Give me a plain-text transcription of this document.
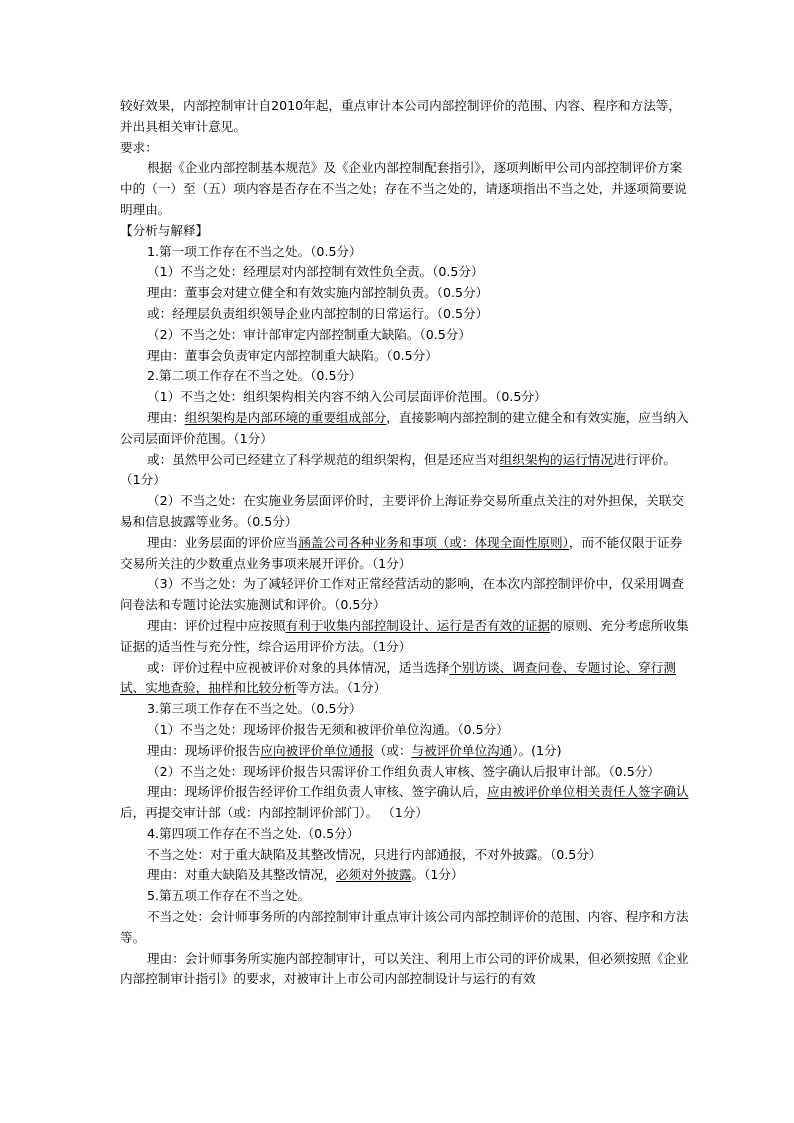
较好效果，内部控制审计自2010年起，重点审计本公司内部控制评价的范围、内容、程序和方法等，并出具相关审计意见。

要求：

根据《企业内部控制基本规范》及《企业内部控制配套指引》，逐项判断甲公司内部控制评价方案中的（一）至（五）项内容是否存在不当之处；存在不当之处的，请逐项指出不当之处，并逐项简要说明理由。

【分析与解释】

1.第一项工作存在不当之处。（0.5分）

（1）不当之处：经理层对内部控制有效性负全责。（0.5分）

理由：董事会对建立健全和有效实施内部控制负责。（0.5分）

或：经理层负责组织领导企业内部控制的日常运行。（0.5分）

（2）不当之处：审计部审定内部控制重大缺陷。（0.5分）

理由：董事会负责审定内部控制重大缺陷。（0.5分）

2.第二项工作存在不当之处。（0.5分）

（1）不当之处：组织架构相关内容不纳入公司层面评价范围。（0.5分）

理由：组织架构是内部环境的重要组成部分，直接影响内部控制的建立健全和有效实施，应当纳入公司层面评价范围。（1分）

或：虽然甲公司已经建立了科学规范的组织架构，但是还应当对组织架构的运行情况进行评价。（1分）

（2）不当之处：在实施业务层面评价时，主要评价上海证券交易所重点关注的对外担保，关联交易和信息披露等业务。（0.5分）

理由：业务层面的评价应当涵盖公司各种业务和事项（或：体现全面性原则），而不能仅限于证券交易所关注的少数重点业务事项来展开评价。（1分）

（3）不当之处：为了减轻评价工作对正常经营活动的影响，在本次内部控制评价中，仅采用调查问卷法和专题讨论法实施测试和评价。（0.5分）

理由：评价过程中应按照有利于收集内部控制设计、运行是否有效的证据的原则、充分考虑所收集证据的适当性与充分性，综合运用评价方法。（1分）

或：评价过程中应视被评价对象的具体情况，适当选择个别访谈、调查问卷、专题讨论、穿行测试、实地查验，抽样和比较分析等方法。（1分）

3.第三项工作存在不当之处。（0.5分）

（1）不当之处：现场评价报告无须和被评价单位沟通。（0.5分）

理由：现场评价报告应向被评价单位通报（或：与被评价单位沟通）。(1分)

（2）不当之处：现场评价报告只需评价工作组负责人审核、签字确认后报审计部。（0.5分）

理由：现场评价报告经评价工作组负责人审核、签字确认后，应由被评价单位相关责任人签字确认后，再提交审计部（或：内部控制评价部门）。 （1分）

4.第四项工作存在不当之处.（0.5分）

不当之处：对于重大缺陷及其整改情况，只进行内部通报，不对外披露。（0.5分）

理由：对重大缺陷及其整改情况，必须对外披露。（1分）

5.第五项工作存在不当之处。

不当之处：会计师事务所的内部控制审计重点审计该公司内部控制评价的范围、内容、程序和方法等。

理由：会计师事务所实施内部控制审计，可以关注、利用上市公司的评价成果，但必须按照《企业内部控制审计指引》的要求，对被审计上市公司内部控制设计与运行的有效
